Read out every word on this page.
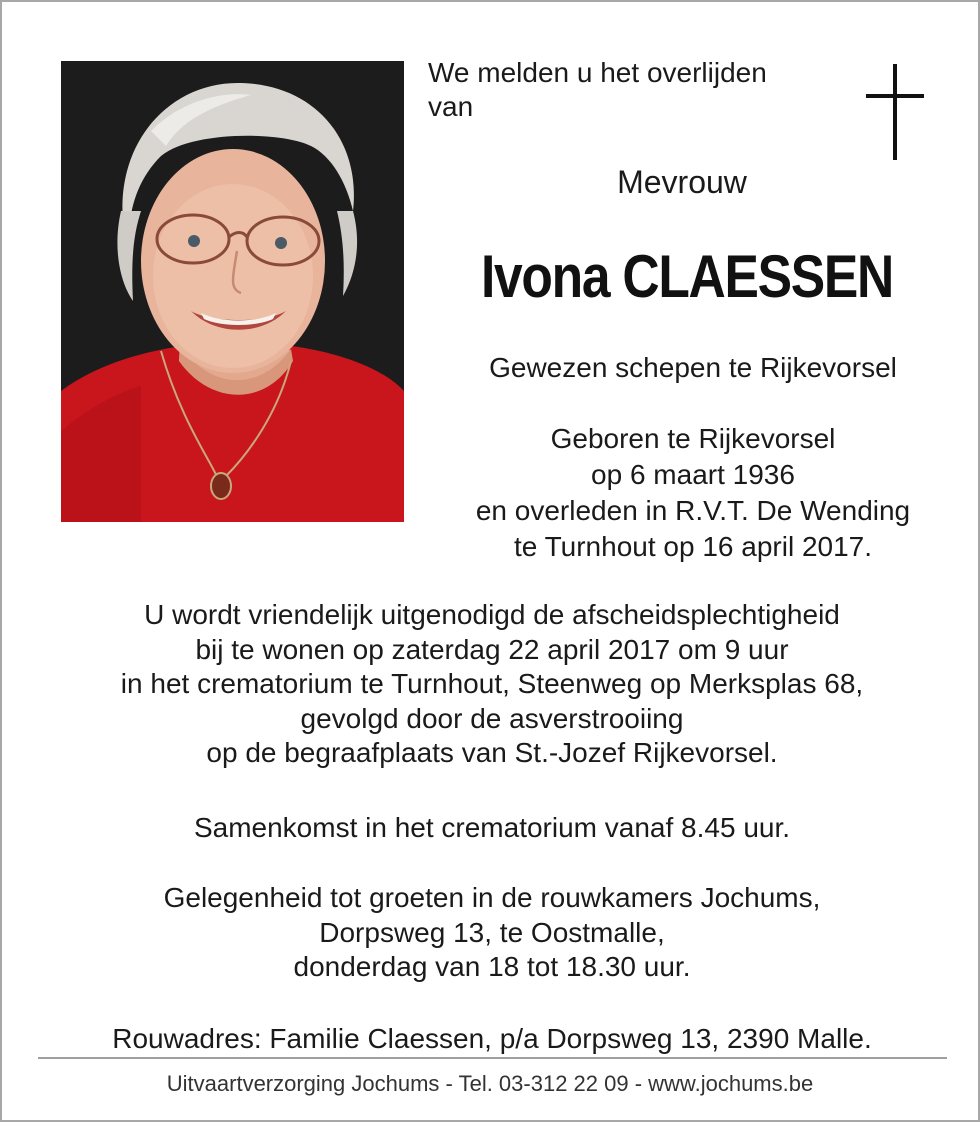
We melden u het overlijden
van
Mevrouw
Ivona CLAESSEN
Gewezen schepen te Rijkevorsel
Geboren te Rijkevorsel
op 6 maart 1936
en overleden in R.V.T. De Wending
te Turnhout op 16 april 2017.
U wordt vriendelijk uitgenodigd de afscheidsplechtigheid
bij te wonen op zaterdag 22 april 2017 om 9 uur
in het crematorium te Turnhout, Steenweg op Merksplas 68,
gevolgd door de asverstrooiing
op de begraafplaats van St.-Jozef Rijkevorsel.
Samenkomst in het crematorium vanaf 8.45 uur.
Gelegenheid tot groeten in de rouwkamers Jochums,
Dorpsweg 13, te Oostmalle,
donderdag van 18 tot 18.30 uur.
Rouwadres: Familie Claessen, p/a Dorpsweg 13, 2390 Malle.
Uitvaartverzorging Jochums - Tel. 03-312 22 09 - www.jochums.be
